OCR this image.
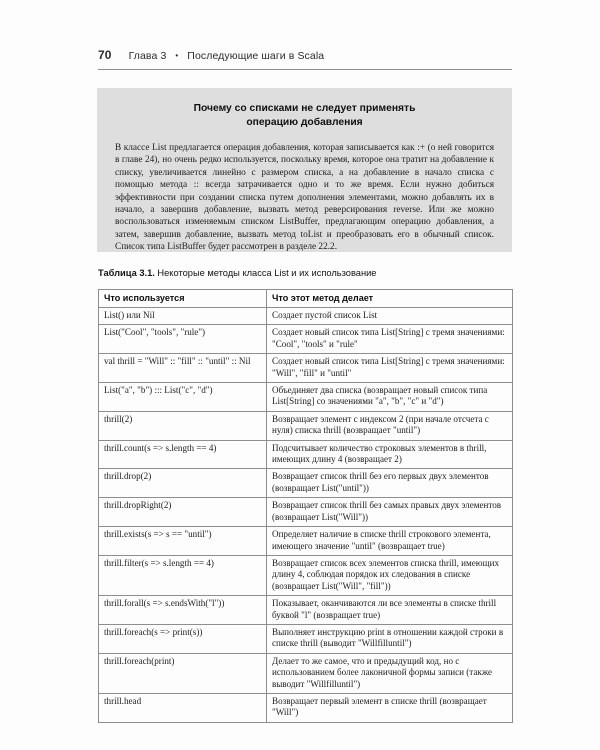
70 Глава 3 • Последующие шаги в Scala
Почему со списками не следует применять
операцию добавления
В классе List предлагается операция добавления, которая записывается как :+ (о ней говорится в главе 24), но очень редко используется, поскольку время, которое она тратит на добавление к списку, увеличивается линейно с размером списка, а на добавление в начало списка с помощью метода :: всегда затрачивается одно и то же время. Если нужно добиться эффективности при создании списка путем дополнения элементами, можно добавлять их в начало, а завершив добавление, вызвать метод реверсирования reverse. Или же можно воспользоваться изменяемым списком ListBuffer, предлагающим операцию добавления, а затем, завершив добавление, вызвать метод toList и преобразовать его в обычный список. Список типа ListBuffer будет рассмотрен в разделе 22.2.
Таблица 3.1. Некоторые методы класса List и их использование
Что используется	Что этот метод делает
List() или Nil	Создает пустой список List
List("Cool", "tools", "rule")	Создает новый список типа List[String] с тремя значениями: "Cool", "tools" и "rule"
val thrill = "Will" :: "fill" :: "until" :: Nil	Создает новый список типа List[String] с тремя значениями: "Will", "fill" и "until"
List("a", "b") ::: List("c", "d")	Объединяет два списка (возвращает новый список типа List[String] со значениями "a", "b", "c" и "d")
thrill(2)	Возвращает элемент с индексом 2 (при начале отсчета с нуля) списка thrill (возвращает "until")
thrill.count(s => s.length == 4)	Подсчитывает количество строковых элементов в thrill, имеющих длину 4 (возвращает 2)
thrill.drop(2)	Возвращает список thrill без его первых двух элементов (возвращает List("until"))
thrill.dropRight(2)	Возвращает список thrill без самых правых двух элементов (возвращает List("Will"))
thrill.exists(s => s == "until")	Определяет наличие в списке thrill строкового элемента, имеющего значение "until" (возвращает true)
thrill.filter(s => s.length == 4)	Возвращает список всех элементов списка thrill, имеющих длину 4, соблюдая порядок их следования в списке (возвращает List("Will", "fill"))
thrill.forall(s => s.endsWith("l"))	Показывает, оканчиваются ли все элементы в списке thrill буквой "l" (возвращает true)
thrill.foreach(s => print(s))	Выполняет инструкцию print в отношении каждой строки в списке thrill (выводит "Willfilluntil")
thrill.foreach(print)	Делает то же самое, что и предыдущий код, но с использованием более лаконичной формы записи (также выводит "Willfilluntil")
thrill.head	Возвращает первый элемент в списке thrill (возвращает "Will")
